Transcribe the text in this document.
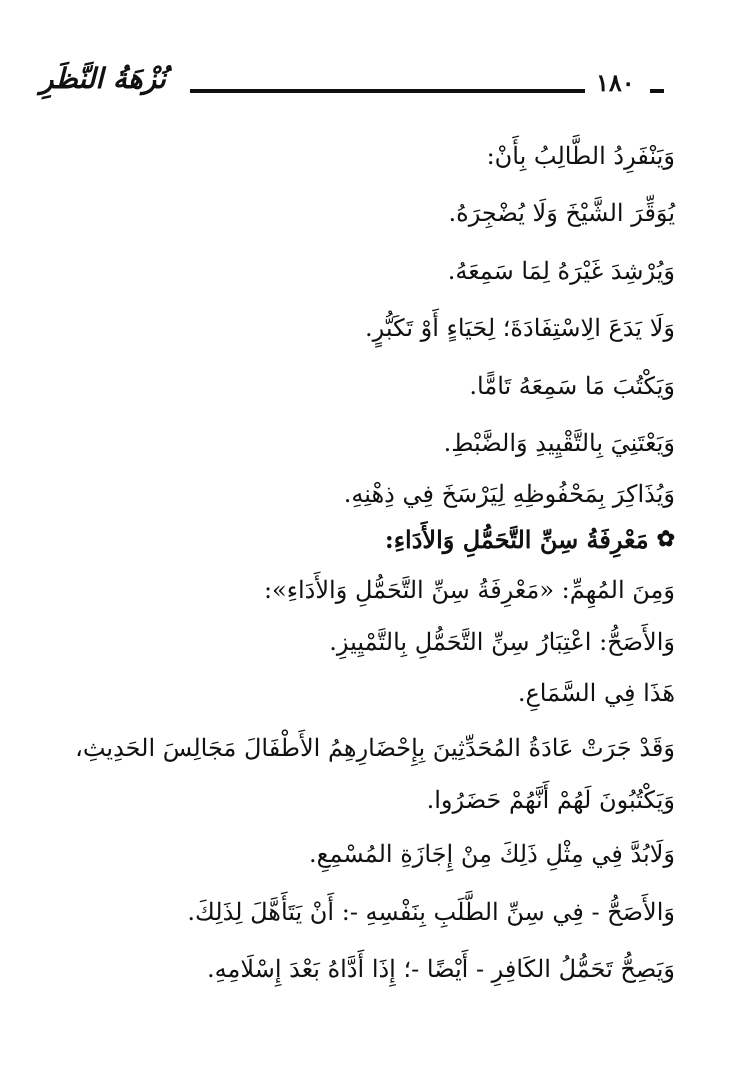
نُزْهَةُ النَّظَرِ	١٨٠
وَيَنْفَرِدُ الطَّالِبُ بِأَنْ:
يُوَقِّرَ الشَّيْخَ وَلَا يُضْجِرَهُ.
وَيُرْشِدَ غَيْرَهُ لِمَا سَمِعَهُ.
وَلَا يَدَعَ الِاسْتِفَادَةَ؛ لِحَيَاءٍ أَوْ تَكَبُّرٍ.
وَيَكْتُبَ مَا سَمِعَهُ تَامًّا.
وَيَعْتَنِيَ بِالتَّقْيِيدِ وَالضَّبْطِ.
وَيُذَاكِرَ بِمَحْفُوظِهِ لِيَرْسَخَ فِي ذِهْنِهِ.
✿
مَعْرِفَةُ سِنِّ التَّحَمُّلِ وَالأَدَاءِ:
وَمِنَ المُهِمِّ: «مَعْرِفَةُ سِنِّ التَّحَمُّلِ وَالأَدَاءِ»:
وَالأَصَحُّ: اعْتِبَارُ سِنِّ التَّحَمُّلِ بِالتَّمْيِيزِ.
هَذَا فِي السَّمَاعِ.
وَقَدْ جَرَتْ عَادَةُ المُحَدِّثِينَ بِإِحْضَارِهِمُ الأَطْفَالَ مَجَالِسَ الحَدِيثِ، وَيَكْتُبُونَ لَهُمْ أَنَّهُمْ حَضَرُوا.
وَلَابُدَّ فِي مِثْلِ ذَلِكَ مِنْ إِجَازَةِ المُسْمِعِ.
وَالأَصَحُّ - فِي سِنِّ الطَّلَبِ بِنَفْسِهِ -: أَنْ يَتَأَهَّلَ لِذَلِكَ.
وَيَصِحُّ تَحَمُّلُ الكَافِرِ - أَيْضًا -؛ إِذَا أَدَّاهُ بَعْدَ إِسْلَامِهِ.
